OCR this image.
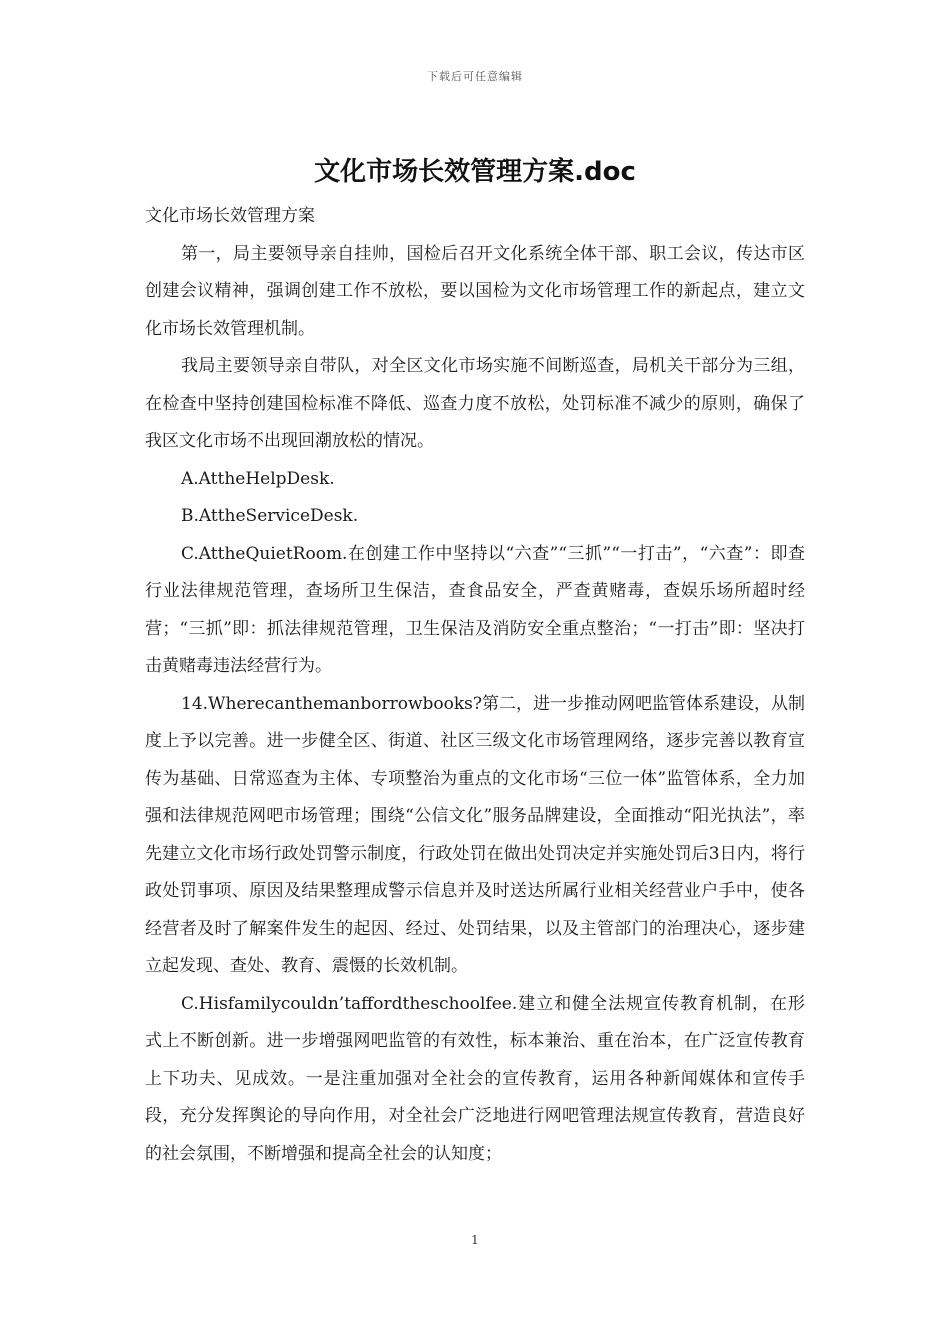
下载后可任意编辑
文化市场长效管理方案.doc

文化市场长效管理方案

第一，局主要领导亲自挂帅，国检后召开文化系统全体干部、职工会议，传达市区创建会议精神，强调创建工作不放松，要以国检为文化市场管理工作的新起点，建立文化市场长效管理机制。

我局主要领导亲自带队，对全区文化市场实施不间断巡查，局机关干部分为三组，在检查中坚持创建国检标准不降低、巡查力度不放松，处罚标准不减少的原则，确保了我区文化市场不出现回潮放松的情况。

A.AttheHelpDesk.

B.AttheServiceDesk.

C.AttheQuietRoom.在创建工作中坚持以“六查”“三抓”“一打击”，“六查”：即查行业法律规范管理，查场所卫生保洁，查食品安全，严查黄赌毒，查娱乐场所超时经营；“三抓”即：抓法律规范管理，卫生保洁及消防安全重点整治；“一打击”即：坚决打击黄赌毒违法经营行为。

14.Wherecanthemanborrowbooks?第二，进一步推动网吧监管体系建设，从制度上予以完善。进一步健全区、街道、社区三级文化市场管理网络，逐步完善以教育宣传为基础、日常巡查为主体、专项整治为重点的文化市场“三位一体”监管体系，全力加强和法律规范网吧市场管理；围绕“公信文化”服务品牌建设，全面推动“阳光执法”，率先建立文化市场行政处罚警示制度，行政处罚在做出处罚决定并实施处罚后3日内，将行政处罚事项、原因及结果整理成警示信息并及时送达所属行业相关经营业户手中，使各经营者及时了解案件发生的起因、经过、处罚结果，以及主管部门的治理决心，逐步建立起发现、查处、教育、震慑的长效机制。

C.Hisfamilycouldn’taffordtheschoolfee.建立和健全法规宣传教育机制，在形式上不断创新。进一步增强网吧监管的有效性，标本兼治、重在治本，在广泛宣传教育上下功夫、见成效。一是注重加强对全社会的宣传教育，运用各种新闻媒体和宣传手段，充分发挥舆论的导向作用，对全社会广泛地进行网吧管理法规宣传教育，营造良好的社会氛围，不断增强和提高全社会的认知度；

1
